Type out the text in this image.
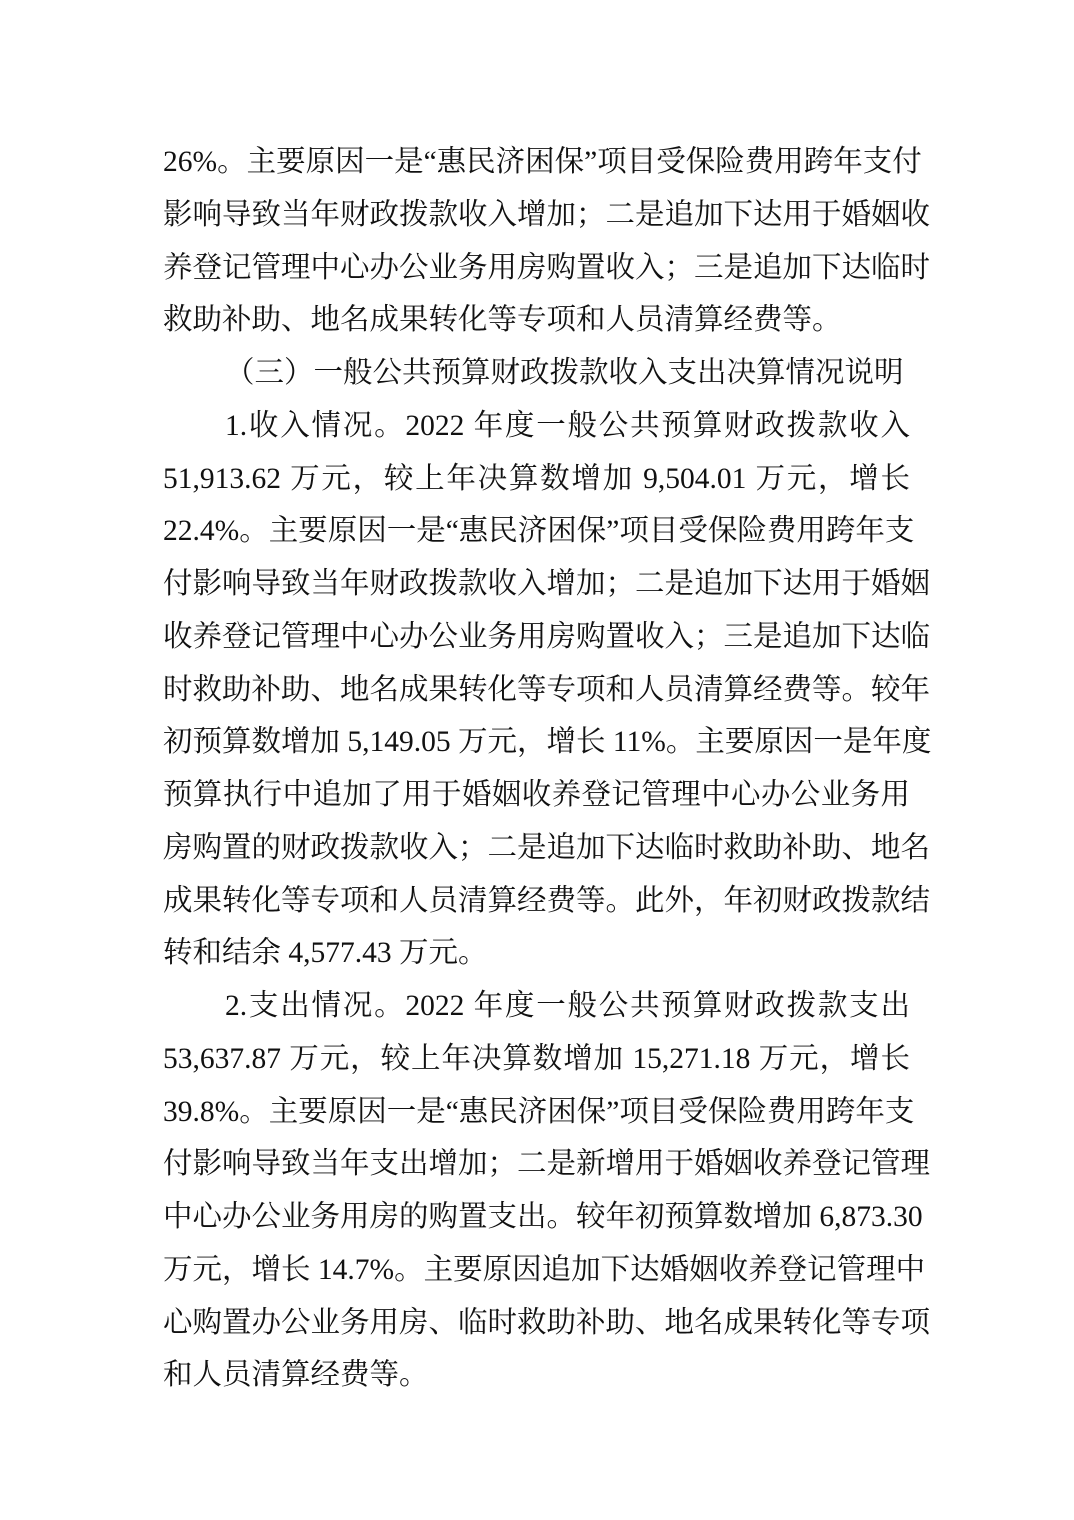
26%。主要原因一是“惠民济困保”项目受保险费用跨年支付
影响导致当年财政拨款收入增加；二是追加下达用于婚姻收
养登记管理中心办公业务用房购置收入；三是追加下达临时
救助补助、地名成果转化等专项和人员清算经费等。
（三）一般公共预算财政拨款收入支出决算情况说明
1.收入情况。2022 年度一般公共预算财政拨款收入
51,913.62 万元，较上年决算数增加 9,504.01 万元，增长
22.4%。主要原因一是“惠民济困保”项目受保险费用跨年支
付影响导致当年财政拨款收入增加；二是追加下达用于婚姻
收养登记管理中心办公业务用房购置收入；三是追加下达临
时救助补助、地名成果转化等专项和人员清算经费等。较年
初预算数增加 5,149.05 万元，增长 11%。主要原因一是年度
预算执行中追加了用于婚姻收养登记管理中心办公业务用
房购置的财政拨款收入；二是追加下达临时救助补助、地名
成果转化等专项和人员清算经费等。此外，年初财政拨款结
转和结余 4,577.43 万元。
2.支出情况。2022 年度一般公共预算财政拨款支出
53,637.87 万元，较上年决算数增加 15,271.18 万元，增长
39.8%。主要原因一是“惠民济困保”项目受保险费用跨年支
付影响导致当年支出增加；二是新增用于婚姻收养登记管理
中心办公业务用房的购置支出。较年初预算数增加 6,873.30
万元，增长 14.7%。主要原因追加下达婚姻收养登记管理中
心购置办公业务用房、临时救助补助、地名成果转化等专项
和人员清算经费等。
